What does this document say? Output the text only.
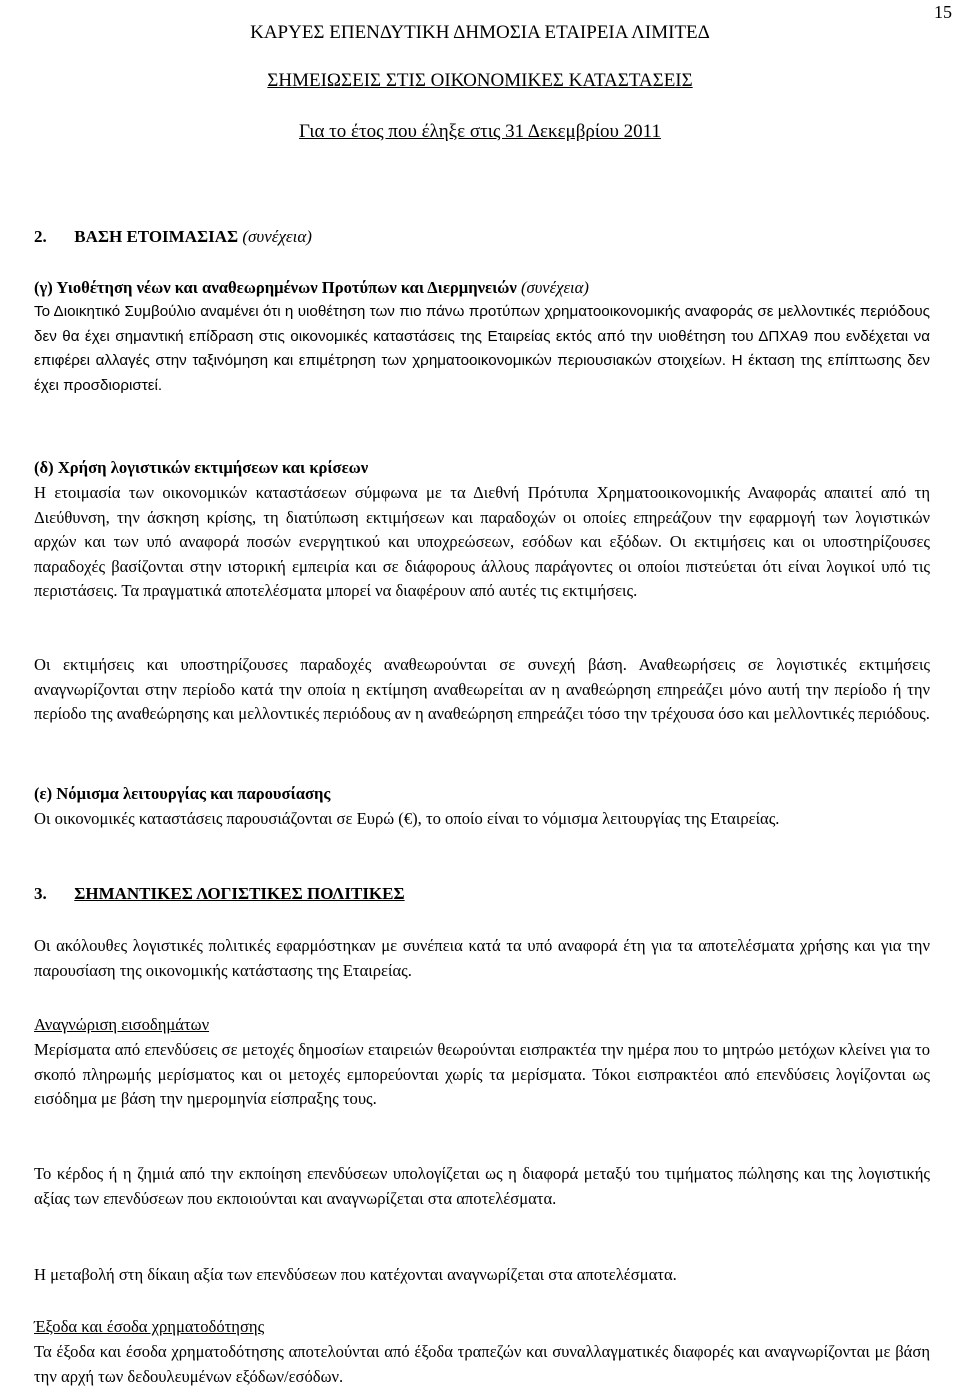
15
ΚΑΡΥΕΣ ΕΠΕΝΔΥΤΙΚΗ ΔΗΜΟΣΙΑ ΕΤΑΙΡΕΙΑ ΛΙΜΙΤΕΔ
ΣΗΜΕΙΩΣΕΙΣ ΣΤΙΣ ΟΙΚΟΝΟΜΙΚΕΣ ΚΑΤΑΣΤΑΣΕΙΣ
Για το έτος που έληξε στις 31 Δεκεμβρίου 2011
2. ΒΑΣΗ ΕΤΟΙΜΑΣΙΑΣ (συνέχεια)
(γ) Υιοθέτηση νέων και αναθεωρημένων Προτύπων και Διερμηνειών (συνέχεια)

Το Διοικητικό Συμβούλιο αναμένει ότι η υιοθέτηση των πιο πάνω προτύπων χρηματοοικονομικής αναφοράς σε μελλοντικές περιόδους δεν θα έχει σημαντική επίδραση στις οικονομικές καταστάσεις της Εταιρείας εκτός από την υιοθέτηση του ΔΠΧΑ9 που ενδέχεται να επιφέρει αλλαγές στην ταξινόμηση και επιμέτρηση των χρηματοοικονομικών περιουσιακών στοιχείων. Η έκταση της επίπτωσης δεν έχει προσδιοριστεί.

(δ) Χρήση λογιστικών εκτιμήσεων και κρίσεων

Η ετοιμασία των οικονομικών καταστάσεων σύμφωνα με τα Διεθνή Πρότυπα Χρηματοοικονομικής Αναφοράς απαιτεί από τη Διεύθυνση, την άσκηση κρίσης, τη διατύπωση εκτιμήσεων και παραδοχών οι οποίες επηρεάζουν την εφαρμογή των λογιστικών αρχών και των υπό αναφορά ποσών ενεργητικού και υποχρεώσεων, εσόδων και εξόδων. Οι εκτιμήσεις και οι υποστηρίζουσες παραδοχές βασίζονται στην ιστορική εμπειρία και σε διάφορους άλλους παράγοντες οι οποίοι πιστεύεται ότι είναι λογικοί υπό τις περιστάσεις. Τα πραγματικά αποτελέσματα μπορεί να διαφέρουν από αυτές τις εκτιμήσεις.

Οι εκτιμήσεις και υποστηρίζουσες παραδοχές αναθεωρούνται σε συνεχή βάση. Αναθεωρήσεις σε λογιστικές εκτιμήσεις αναγνωρίζονται στην περίοδο κατά την οποία η εκτίμηση αναθεωρείται αν η αναθεώρηση επηρεάζει μόνο αυτή την περίοδο ή την περίοδο της αναθεώρησης και μελλοντικές περιόδους αν η αναθεώρηση επηρεάζει τόσο την τρέχουσα όσο και μελλοντικές περιόδους.

(ε) Νόμισμα λειτουργίας και παρουσίασης

Οι οικονομικές καταστάσεις παρουσιάζονται σε Ευρώ (€), το οποίο είναι το νόμισμα λειτουργίας της Εταιρείας.

3. ΣΗΜΑΝΤΙΚΕΣ ΛΟΓΙΣΤΙΚΕΣ ΠΟΛΙΤΙΚΕΣ

Οι ακόλουθες λογιστικές πολιτικές εφαρμόστηκαν με συνέπεια κατά τα υπό αναφορά έτη για τα αποτελέσματα χρήσης και για την παρουσίαση της οικονομικής κατάστασης της Εταιρείας.

Αναγνώριση εισοδημάτων

Μερίσματα από επενδύσεις σε μετοχές δημοσίων εταιρειών θεωρούνται εισπρακτέα την ημέρα που το μητρώο μετόχων κλείνει για το σκοπό πληρωμής μερίσματος και οι μετοχές εμπορεύονται χωρίς τα μερίσματα. Τόκοι εισπρακτέοι από επενδύσεις λογίζονται ως εισόδημα με βάση την ημερομηνία είσπραξης τους.

Το κέρδος ή η ζημιά από την εκποίηση επενδύσεων υπολογίζεται ως η διαφορά μεταξύ του τιμήματος πώλησης και της λογιστικής αξίας των επενδύσεων που εκποιούνται και αναγνωρίζεται στα αποτελέσματα.

Η μεταβολή στη δίκαιη αξία των επενδύσεων που κατέχονται αναγνωρίζεται στα αποτελέσματα.

Έξοδα και έσοδα χρηματοδότησης

Τα έξοδα και έσοδα χρηματοδότησης αποτελούνται από έξοδα τραπεζών και συναλλαγματικές διαφορές και αναγνωρίζονται με βάση την αρχή των δεδουλευμένων εξόδων/εσόδων.
